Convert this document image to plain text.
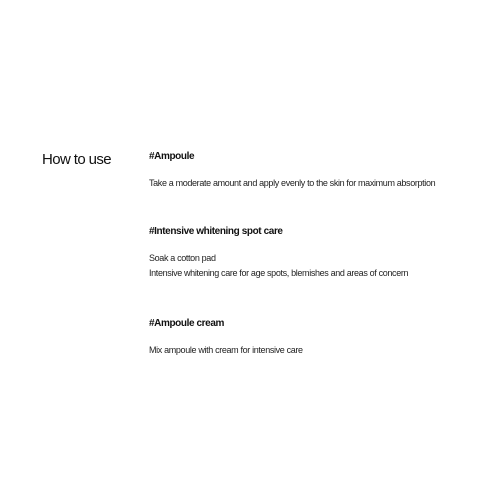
How to use	#Ampoule
Take a moderate amount and apply evenly to the skin for maximum absorption
#Intensive whitening spot care
Soak a cotton pad
Intensive whitening care for age spots, blemishes and areas of concern
#Ampoule cream
Mix ampoule with cream for intensive care
